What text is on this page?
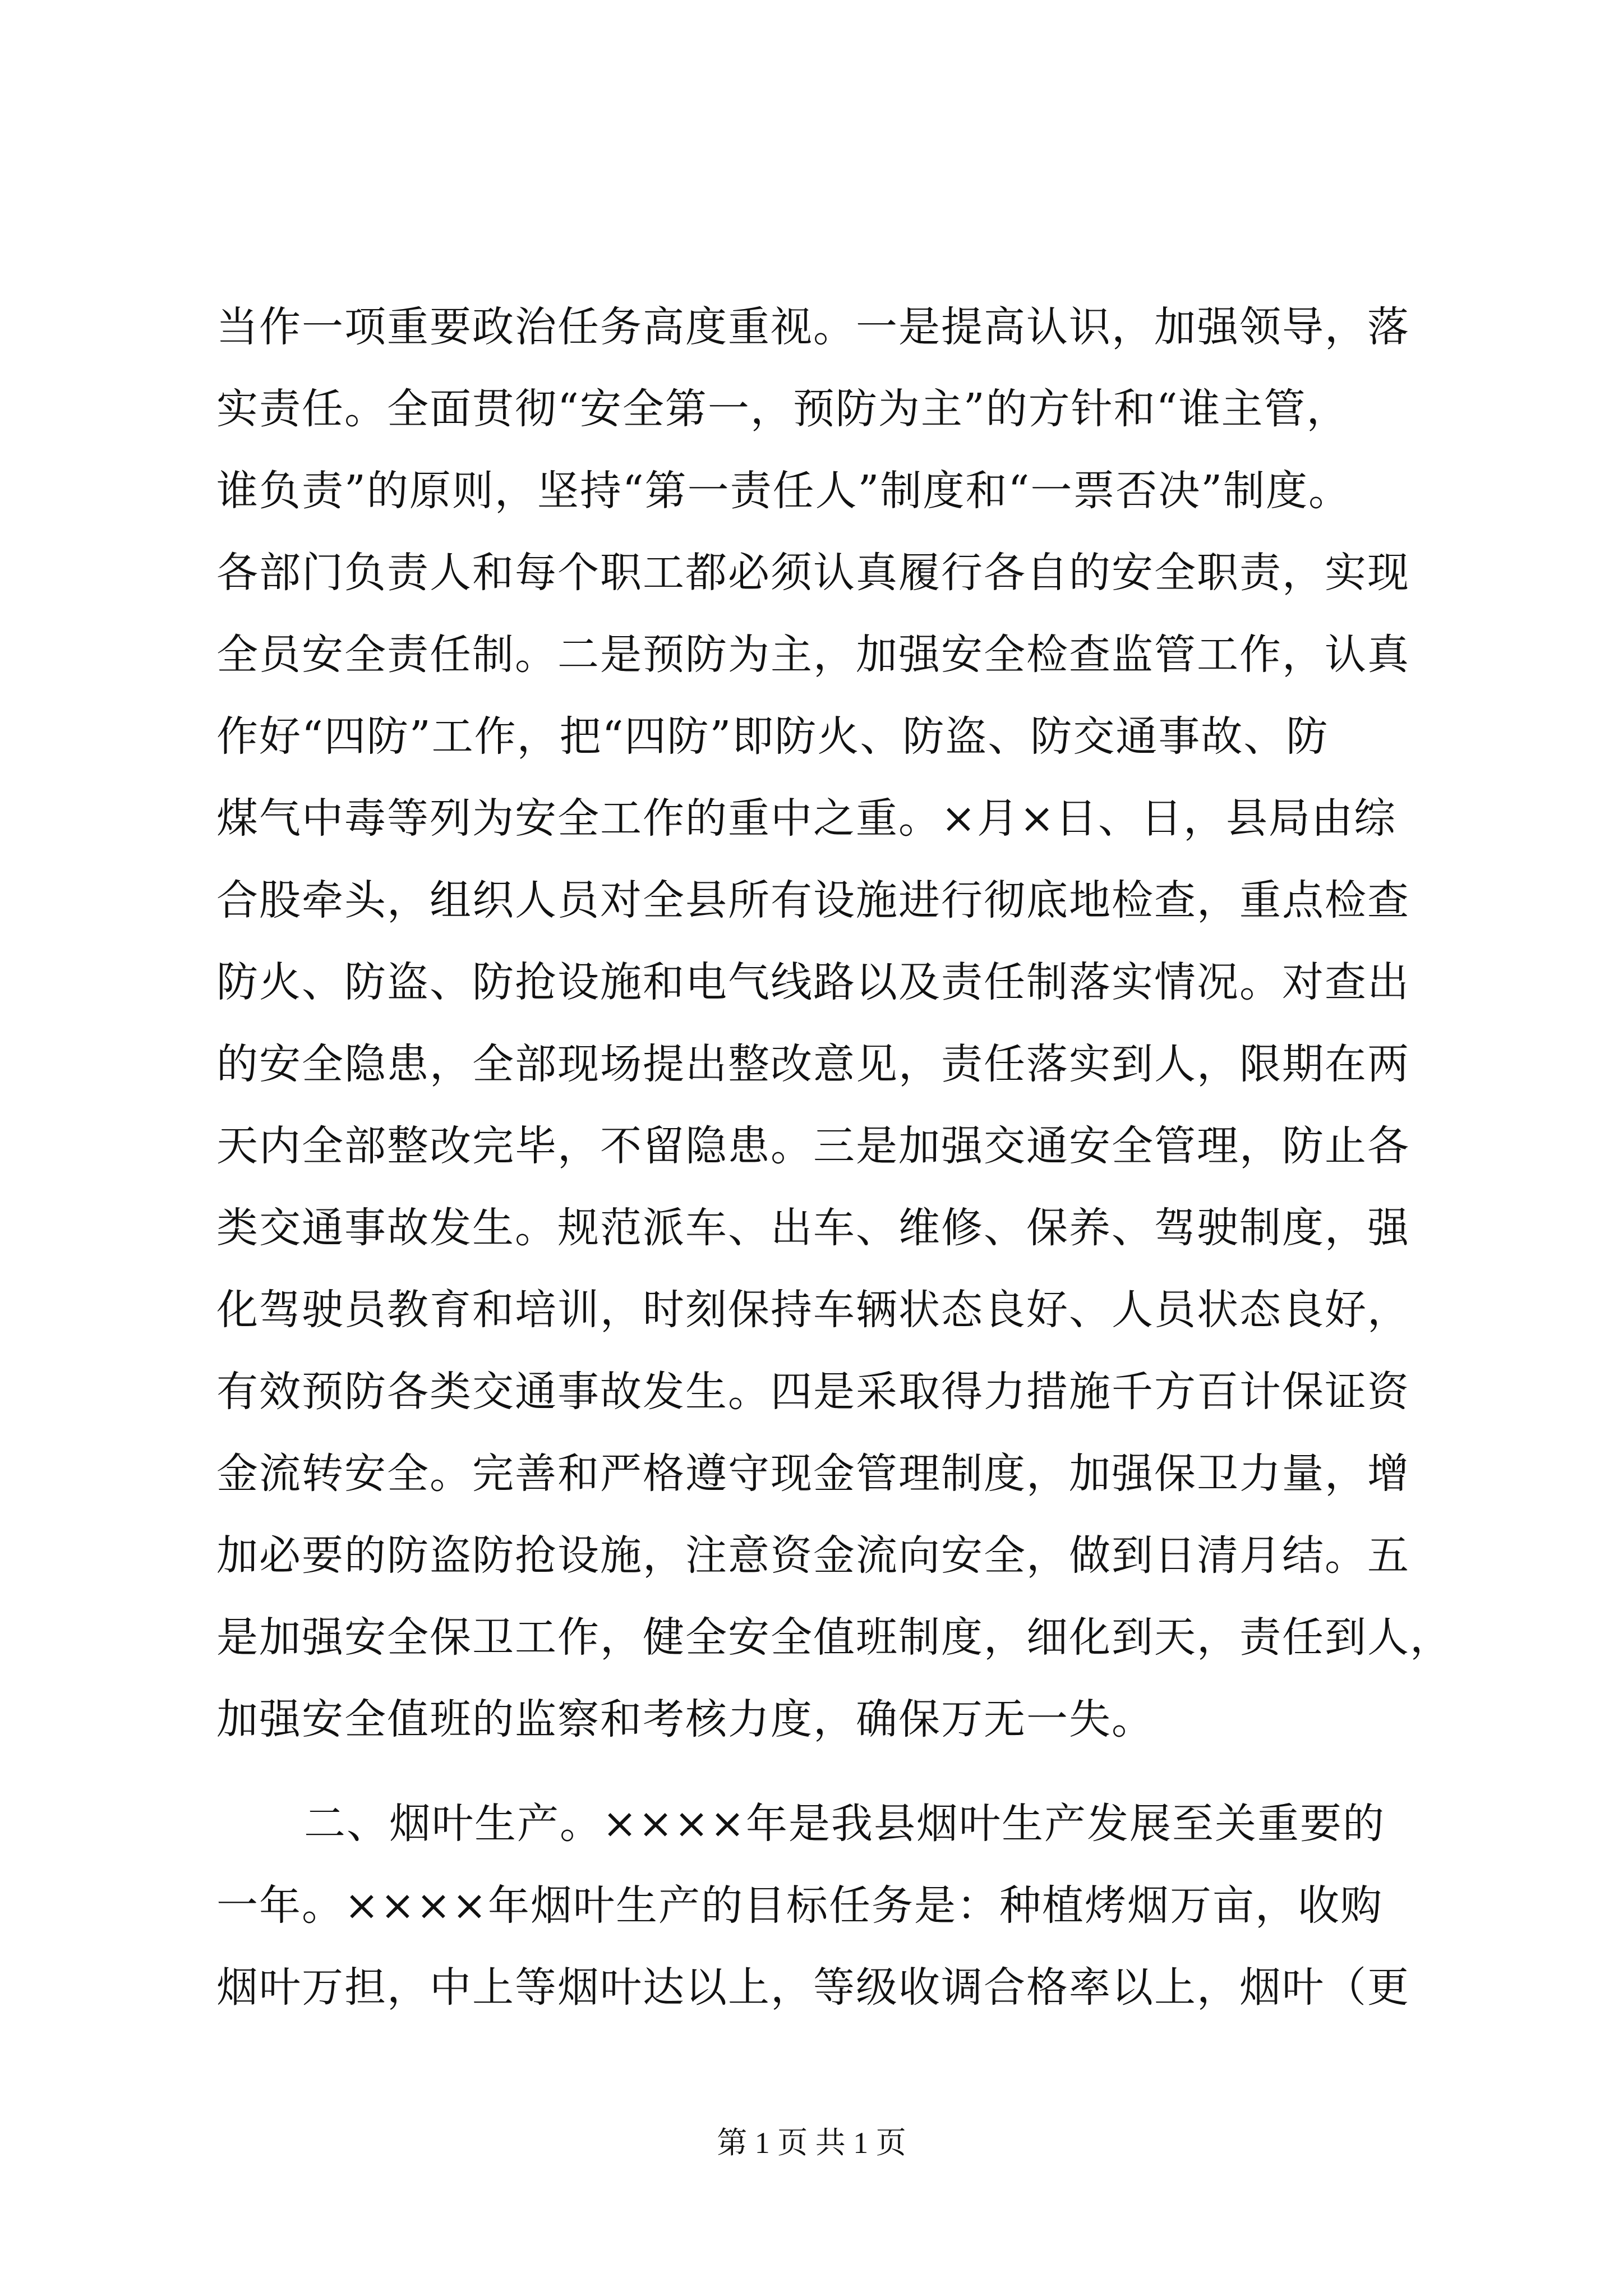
当作一项重要政治任务高度重视。一是提高认识，加强领导，落
实责任。全面贯彻“安全第一，预防为主”的方针和“谁主管，
谁负责”的原则，坚持“第一责任人”制度和“一票否决”制度。
各部门负责人和每个职工都必须认真履行各自的安全职责，实现
全员安全责任制。二是预防为主，加强安全检查监管工作，认真
作好“四防”工作，把“四防”即防火、防盗、防交通事故、防
煤气中毒等列为安全工作的重中之重。×月×日、日，县局由综
合股牵头，组织人员对全县所有设施进行彻底地检查，重点检查
防火、防盗、防抢设施和电气线路以及责任制落实情况。对查出
的安全隐患，全部现场提出整改意见，责任落实到人，限期在两
天内全部整改完毕，不留隐患。三是加强交通安全管理，防止各
类交通事故发生。规范派车、出车、维修、保养、驾驶制度，强
化驾驶员教育和培训，时刻保持车辆状态良好、人员状态良好，
有效预防各类交通事故发生。四是采取得力措施千方百计保证资
金流转安全。完善和严格遵守现金管理制度，加强保卫力量，增
加必要的防盗防抢设施，注意资金流向安全，做到日清月结。五
是加强安全保卫工作，健全安全值班制度，细化到天，责任到人，
加强安全值班的监察和考核力度，确保万无一失。
二、烟叶生产。××××年是我县烟叶生产发展至关重要的
一年。××××年烟叶生产的目标任务是：种植烤烟万亩，收购
烟叶万担，中上等烟叶达以上，等级收调合格率以上，烟叶（更
第 1 页 共 1 页
